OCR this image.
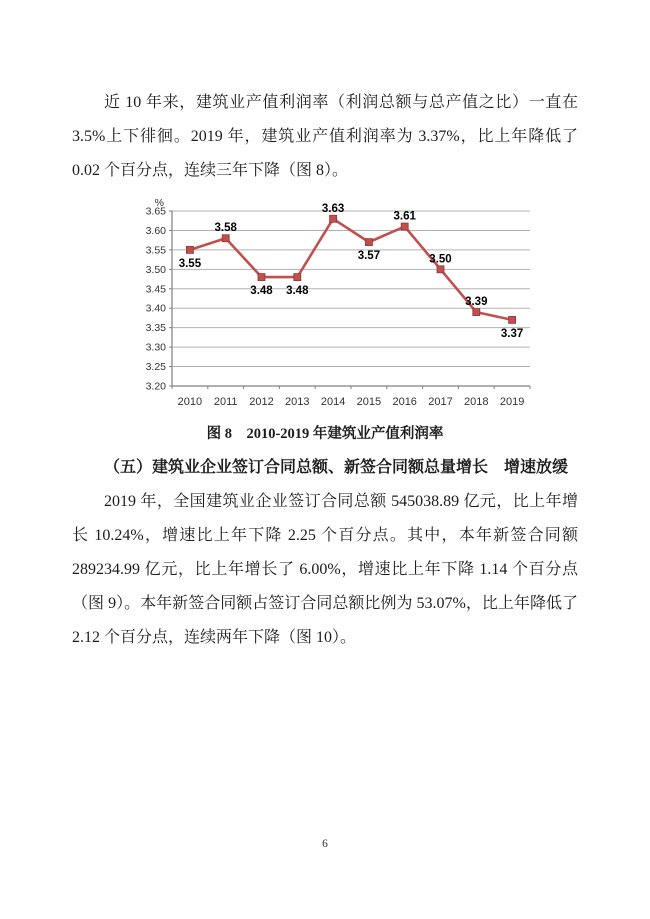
近 10 年来，建筑业产值利润率（利润总额与总产值之比）一直在 3.5%上下徘徊。2019 年，建筑业产值利润率为 3.37%，比上年降低了 0.02 个百分点，连续三年下降（图 8）。

3.20
3.25
3.30
3.35
3.40
3.45
3.50
3.55
3.60
3.65
%
2010 2011 2012 2013 2014 2015 2016 2017 2018 2019
3.55
3.58
3.48 3.48
3.63
3.57
3.61
3.50
3.39
3.37
图 8　2010-2019 年建筑业产值利润率
（五）建筑业企业签订合同总额、新签合同额总量增长　增速放缓

2019 年，全国建筑业企业签订合同总额 545038.89 亿元，比上年增长 10.24%，增速比上年下降 2.25 个百分点。其中，本年新签合同额 289234.99 亿元，比上年增长了 6.00%，增速比上年下降 1.14 个百分点（图 9）。本年新签合同额占签订合同总额比例为 53.07%，比上年降低了 2.12 个百分点，连续两年下降（图 10）。

6
